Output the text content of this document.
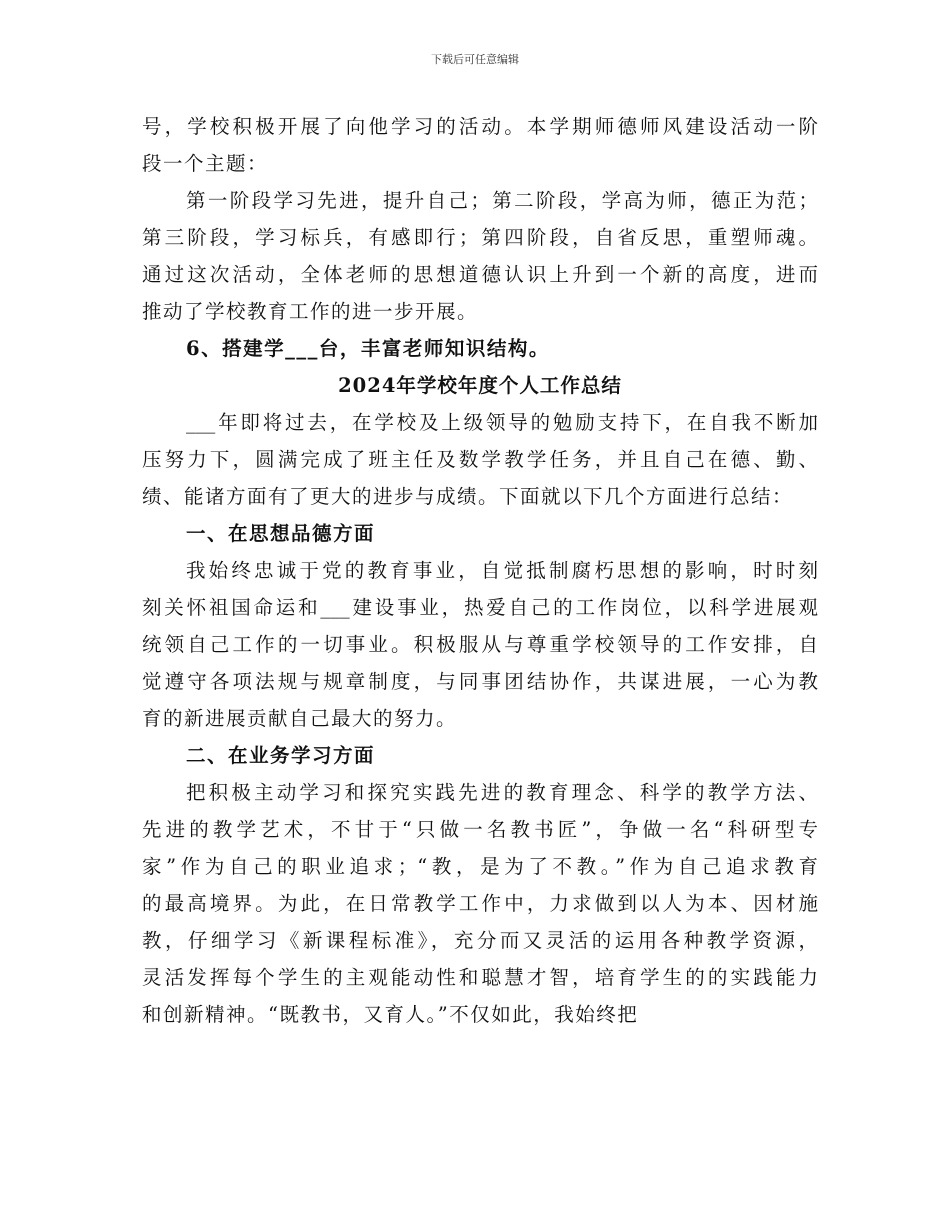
下载后可任意编辑
号，学校积极开展了向他学习的活动。本学期师德师风建设活动一阶
段一个主题：
第一阶段学习先进，提升自己；第二阶段，学高为师，德正为范；
第三阶段，学习标兵，有感即行；第四阶段，自省反思，重塑师魂。
通过这次活动，全体老师的思想道德认识上升到一个新的高度，进而
推动了学校教育工作的进一步开展。
6、搭建学___台，丰富老师知识结构。
2024年学校年度个人工作总结
___年即将过去，在学校及上级领导的勉励支持下，在自我不断加
压努力下，圆满完成了班主任及数学教学任务，并且自己在德、勤、
绩、能诸方面有了更大的进步与成绩。下面就以下几个方面进行总结：
一、在思想品德方面
我始终忠诚于党的教育事业，自觉抵制腐朽思想的影响，时时刻
刻关怀祖国命运和___建设事业，热爱自己的工作岗位，以科学进展观
统领自己工作的一切事业。积极服从与尊重学校领导的工作安排，自
觉遵守各项法规与规章制度，与同事团结协作，共谋进展，一心为教
育的新进展贡献自己最大的努力。
二、在业务学习方面
把积极主动学习和探究实践先进的教育理念、科学的教学方法、
先进的教学艺术，不甘于“只做一名教书匠”，争做一名“科研型专
家”作为自己的职业追求；“教，是为了不教。”作为自己追求教育
的最高境界。为此，在日常教学工作中，力求做到以人为本、因材施
教，仔细学习《新课程标准》，充分而又灵活的运用各种教学资源，
灵活发挥每个学生的主观能动性和聪慧才智，培育学生的的实践能力
和创新精神。“既教书，又育人。”不仅如此，我始终把
